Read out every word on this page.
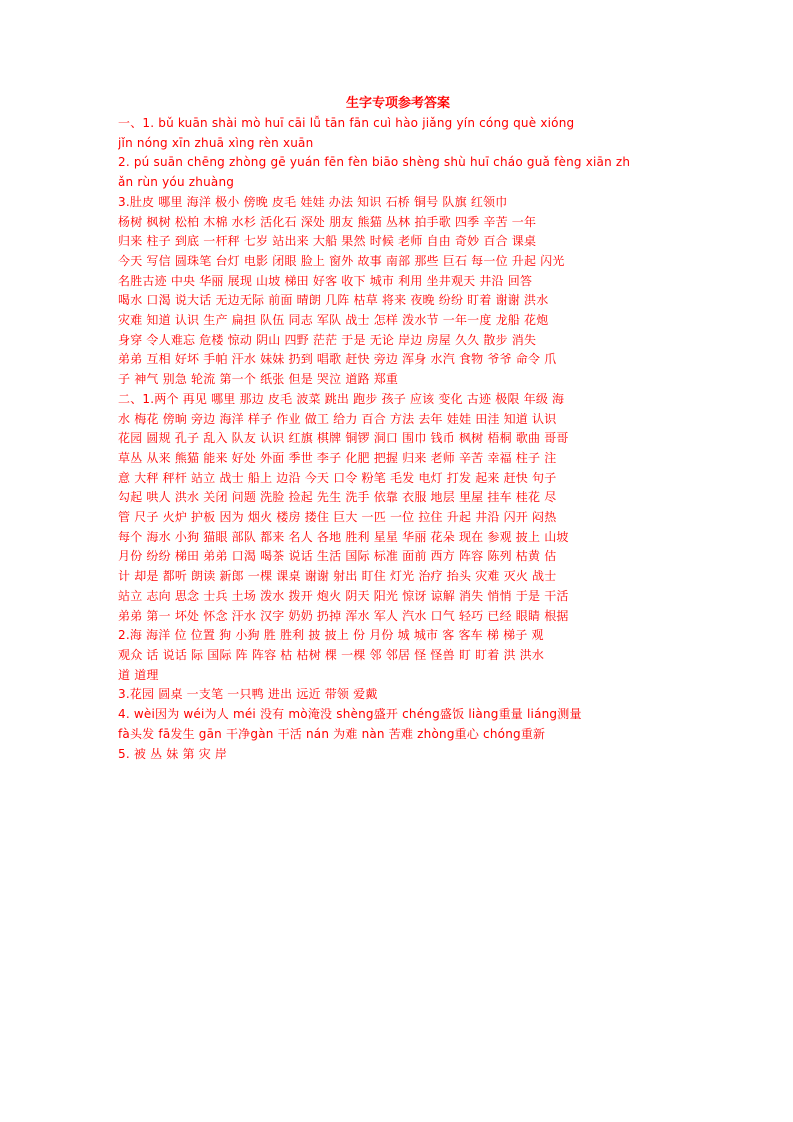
生字专项参考答案
一、1. bǔ kuān shài mò huī cāi lǚ tān fān cuì hào jiǎng yín cóng què xióng
jǐn nóng xīn zhuā xìng rèn xuān
2. pú suān chēng zhòng gē yuán fēn fèn biāo shèng shù huī cháo guǎ fèng xiān zh
ǎn rùn yóu zhuàng
3.肚皮 哪里 海洋 极小 傍晚 皮毛 娃娃 办法 知识 石桥 铜号 队旗 红领巾
杨树 枫树 松柏 木棉 水杉 活化石 深处 朋友 熊猫 丛林 拍手歌 四季 辛苦 一年
归来 柱子 到底 一杆秤 七岁 站出来 大船 果然 时候 老师 自由 奇妙 百合 课桌
今天 写信 圆珠笔 台灯 电影 闭眼 脸上 窗外 故事 南部 那些 巨石 每一位 升起 闪光
名胜古迹 中央 华丽 展现 山坡 梯田 好客 收下 城市 利用 坐井观天 井沿 回答
喝水 口渴 说大话 无边无际 前面 晴朗 几阵 枯草 将来 夜晚 纷纷 盯着 谢谢 洪水
灾难 知道 认识 生产 扁担 队伍 同志 军队 战士 怎样 泼水节 一年一度 龙船 花炮
身穿 令人难忘 危楼 惊动 阴山 四野 茫茫 于是 无论 岸边 房屋 久久 散步 消失
弟弟 互相 好坏 手帕 汗水 妹妹 扔到 唱歌 赶快 旁边 浑身 水汽 食物 爷爷 命令 爪
子 神气 别急 轮流 第一个 纸张 但是 哭泣 道路 郑重
二、1.两个 再见 哪里 那边 皮毛 波菜 跳出 跑步 孩子 应该 变化 古迹 极限 年级 海
水 梅花 傍晌 旁边 海洋 样子 作业 做工 给力 百合 方法 去年 娃娃 田洼 知道 认识
花园 圆规 孔子 乱入 队友 认识 红旗 棋牌 铜锣 洞口 围巾 钱币 枫树 梧桐 歌曲 哥哥
草丛 从来 熊猫 能来 好处 外面 季世 李子 化肥 把握 归来 老师 辛苦 幸福 柱子 注
意 大秤 秤杆 站立 战士 船上 边沿 今天 口令 粉笔 毛发 电灯 打发 起来 赶快 句子
勾起 哄人 洪水 关闭 问题 洗脸 捡起 先生 洗手 依靠 衣服 地层 里屋 挂车 桂花 尽
管 尺子 火炉 护板 因为 烟火 楼房 搂住 巨大 一匹 一位 拉住 升起 井沿 闪开 闷热
每个 海水 小狗 猫眼 部队 都来 名人 各地 胜利 星星 华丽 花朵 现在 参观 披上 山坡
月份 纷纷 梯田 弟弟 口渴 喝茶 说话 生活 国际 标准 面前 西方 阵容 陈列 枯黄 估
计 却是 都听 朗读 新郎 一棵 课桌 谢谢 射出 盯住 灯光 治疗 抬头 灾难 灭火 战士
站立 志向 思念 士兵 土场 泼水 拨开 炮火 阴天 阳光 惊讶 谅解 消失 悄悄 于是 干活
弟弟 第一 坏处 怀念 汗水 汉字 奶奶 扔掉 浑水 军人 汽水 口气 轻巧 已经 眼睛 根据
2.海 海洋 位 位置 狗 小狗 胜 胜利 披 披上 份 月份 城 城市 客 客车 梯 梯子 观
观众 话 说话 际 国际 阵 阵容 枯 枯树 棵 一棵 邻 邻居 怪 怪兽 盯 盯着 洪 洪水
道 道理
3.花园 圆桌 一支笔 一只鸭 进出 远近 带领 爱戴
4. wèi因为 wéi为人 méi 没有 mò淹没 shèng盛开 chéng盛饭 liàng重量 liáng测量
fà头发 fā发生 gān 干净gàn 干活 nán 为难 nàn 苦难 zhòng重心 chóng重新
5. 被 丛 妹 第 灾 岸
